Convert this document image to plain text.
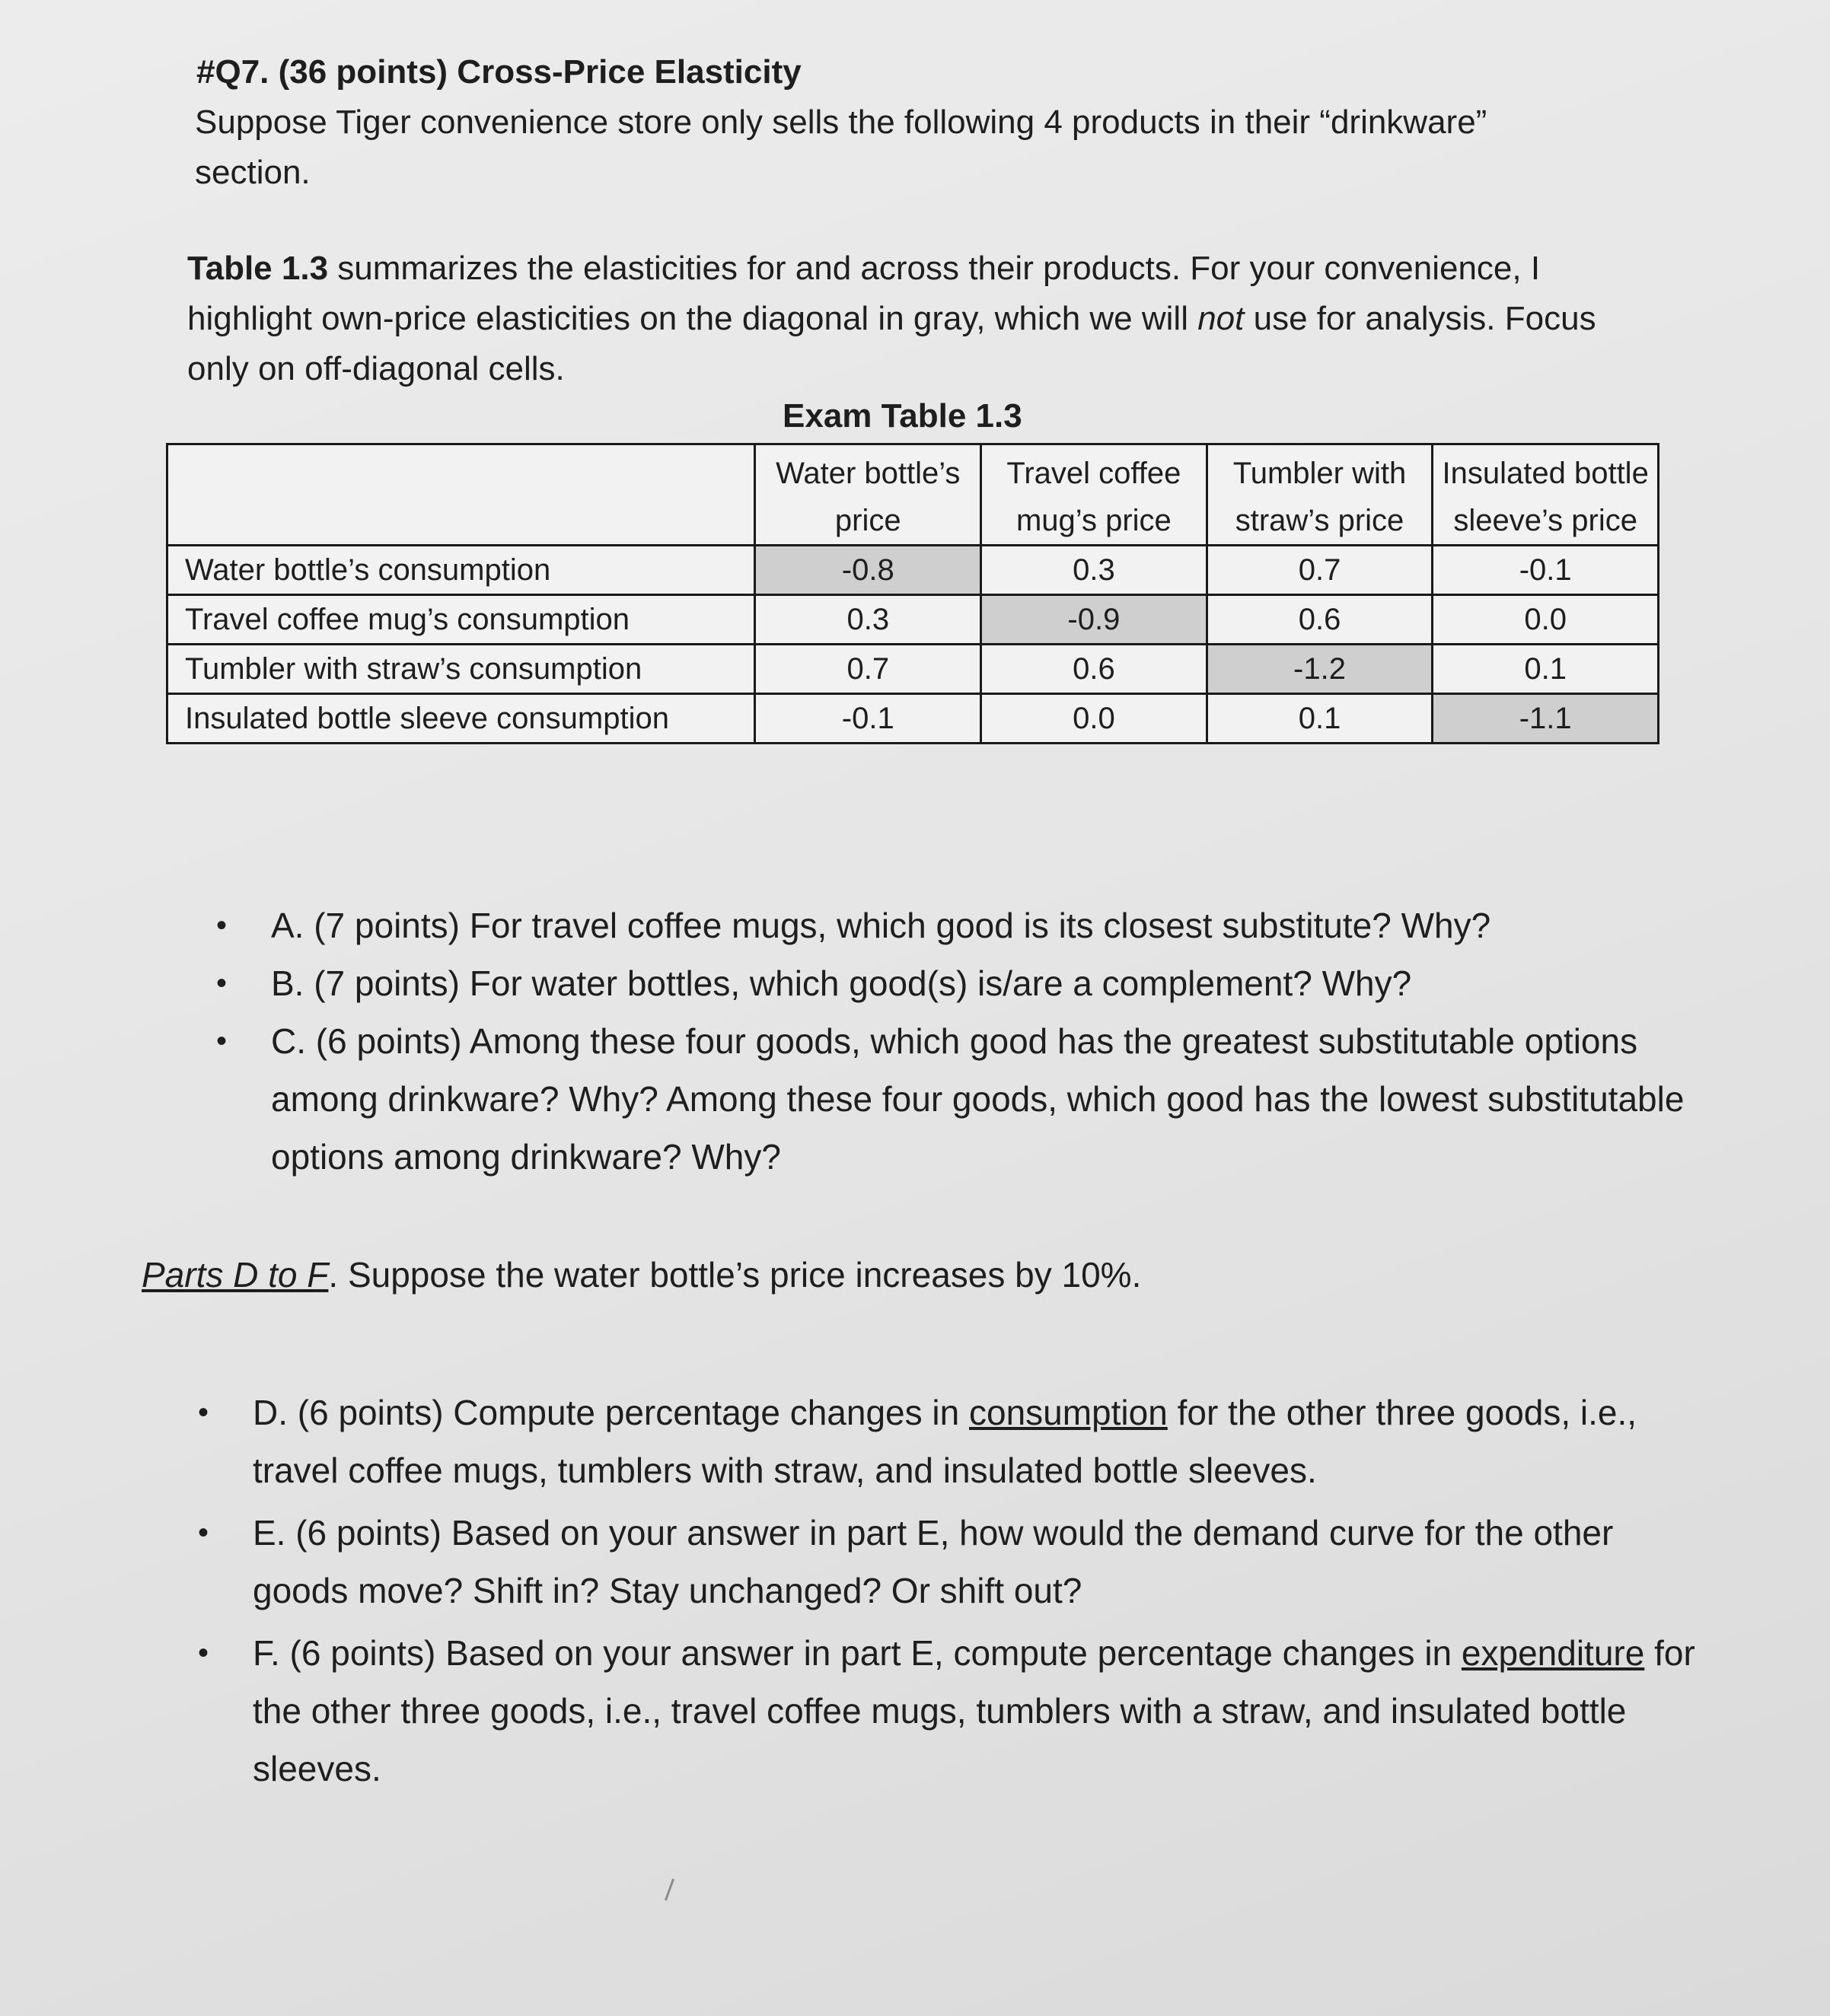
#Q7. (36 points) Cross-Price Elasticity
Suppose Tiger convenience store only sells the following 4 products in their “drinkware”
section.
Table 1.3 summarizes the elasticities for and across their products. For your convenience, I highlight own-price elasticities on the diagonal in gray, which we will not use for analysis. Focus only on off-diagonal cells.
Exam Table 1.3
	Water bottle’s price	Travel coffee mug’s price	Tumbler with straw’s price	Insulated bottle sleeve’s price
Water bottle’s consumption	-0.8	0.3	0.7	-0.1
Travel coffee mug’s consumption	0.3	-0.9	0.6	0.0
Tumbler with straw’s consumption	0.7	0.6	-1.2	0.1
Insulated bottle sleeve consumption	-0.1	0.0	0.1	-1.1
• A. (7 points) For travel coffee mugs, which good is its closest substitute? Why?
• B. (7 points) For water bottles, which good(s) is/are a complement? Why?
• C. (6 points) Among these four goods, which good has the greatest substitutable options among drinkware? Why? Among these four goods, which good has the lowest substitutable options among drinkware? Why?
Parts D to F. Suppose the water bottle’s price increases by 10%.
• D. (6 points) Compute percentage changes in consumption for the other three goods, i.e., travel coffee mugs, tumblers with straw, and insulated bottle sleeves.
• E. (6 points) Based on your answer in part E, how would the demand curve for the other goods move? Shift in? Stay unchanged? Or shift out?
• F. (6 points) Based on your answer in part E, compute percentage changes in expenditure for the other three goods, i.e., travel coffee mugs, tumblers with a straw, and insulated bottle sleeves.
